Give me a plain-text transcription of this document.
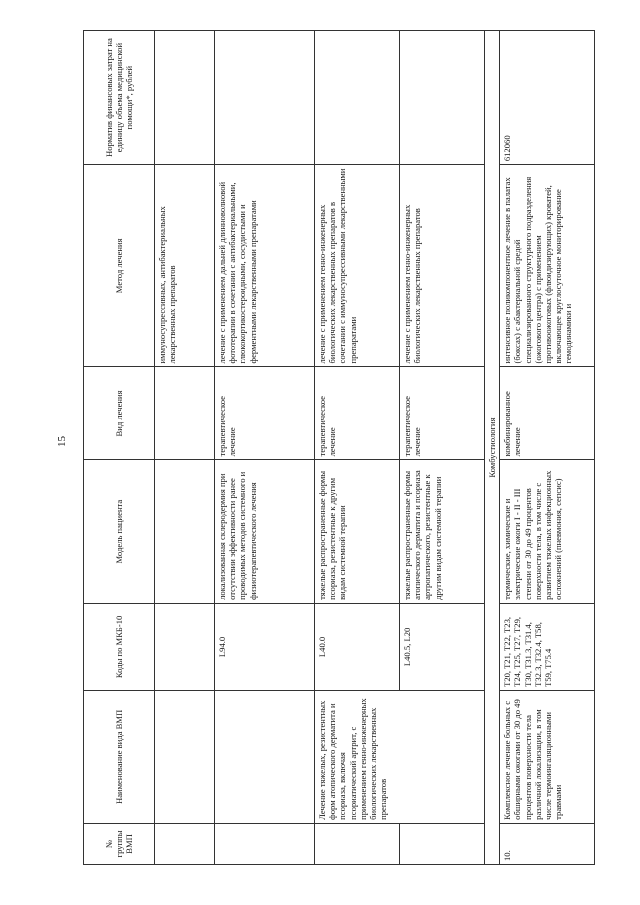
15
№ группы ВМП	Наименование вида ВМП	Коды по МКБ-10	Модель пациента	Вид лечения	Метод лечения	Норматив финансовых затрат на единицу объема медицинской помощи*, рублей
					иммуносупрессивных, антибактериальных лекарственных препаратов	
		L94.0	локализованная склеродермия при отсутствии эффективности ранее проводимых методов системного и физиотерапевтического лечения	терапевтическое лечение	лечение с применением дальней длинноволновой фототерапии в сочетании с антибактериальными, глюкокортикостероидными, сосудистыми и ферментными лекарственными препаратами	
	Лечение тяжелых, резистентных форм атопического дерматита и псориаза, включая псориатический артрит, с применением генно-инженерных биологических лекарственных препаратов	L40.0	тяжелые распространенные формы псориаза, резистентные к другим видам системной терапии	терапевтическое лечение	лечение с применением генно-инженерных биологических лекарственных препаратов в сочетании с иммуносупрессивными лекарственными препаратами	
		L40.5, L20	тяжелые распространенные формы атопического дерматита и псориаза артропатического, резистентные к другим видам системной терапии	терапевтическое лечение	лечение с применением генно-инженерных биологических лекарственных препаратов	
Комбустиология						
10.	Комплексное лечение больных с обширными ожогами от 30 до 49 процентов поверхности тела различной локализации, в том числе термоингаляционными травмами	T20, T21, T22, T23, T24, T25, T27, T29, T30, T31.3, T31.4, T32.3, T32.4, T58, T59, T75.4	термические, химические и электрические ожоги I - II - III степени от 30 до 49 процентов поверхности тела, в том числе с развитием тяжелых инфекционных осложнений (пневмония, сепсис)	комбинированное лечение	интенсивное поликомпонентное лечение в палатах (боксах) с абактериальной средой специализированного структурного подразделения (ожогового центра) с применением противоожоговых (флюидизирующих) кроватей, включающее круглосуточное мониторирование гемодинамики и	612060
